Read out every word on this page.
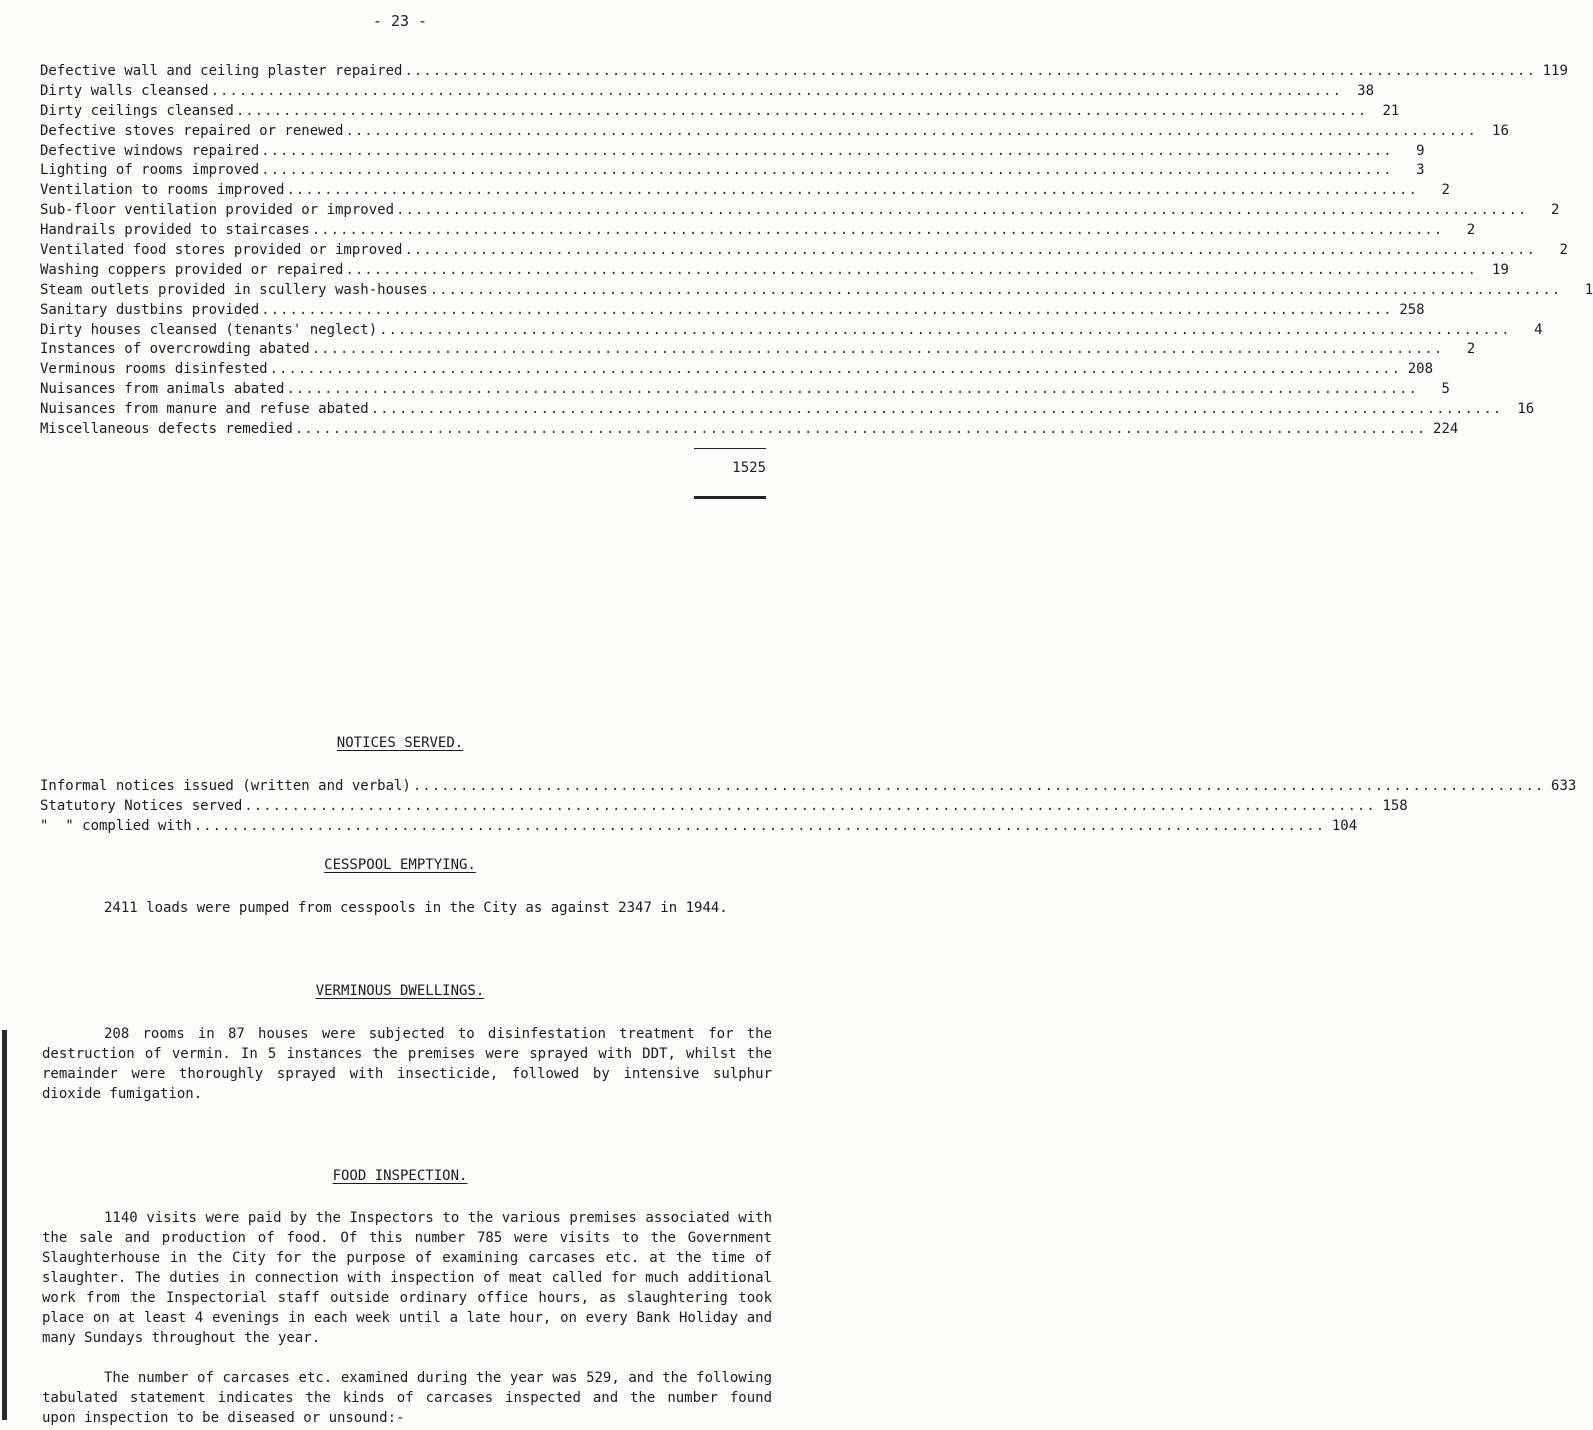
- 23 -
Defective wall and ceiling plaster repaired ........................................................................................................................ 119
Dirty walls cleansed ........................................................................................................................	38
Dirty ceilings cleansed ........................................................................................................................	21
Defective stoves repaired or renewed ........................................................................................................................	16
Defective windows repaired ........................................................................................................................	9
Lighting of rooms improved ........................................................................................................................	3
Ventilation to rooms improved ........................................................................................................................	2
Sub-floor ventilation provided or improved ........................................................................................................................	2
Handrails provided to staircases ........................................................................................................................	2
Ventilated food stores provided or improved ........................................................................................................................	2
Washing coppers provided or repaired ........................................................................................................................	19
Steam outlets provided in scullery wash-houses ........................................................................................................................	1
Sanitary dustbins provided ........................................................................................................................ 258
Dirty houses cleansed (tenants' neglect) ........................................................................................................................	4
Instances of overcrowding abated ........................................................................................................................	2
Verminous rooms disinfested ........................................................................................................................ 208
Nuisances from animals abated ........................................................................................................................	5
Nuisances from manure and refuse abated ........................................................................................................................	16
Miscellaneous defects remedied ........................................................................................................................ 224
1525
NOTICES SERVED.
Informal notices issued (written and verbal) ........................................................................................................................ 633
Statutory Notices served ........................................................................................................................ 158
"  " complied with ........................................................................................................................ 104
CESSPOOL EMPTYING.

2411 loads were pumped from cesspools in the City as against 2347 in 1944.

VERMINOUS DWELLINGS.

208 rooms in 87 houses were subjected to disinfestation treatment for the destruction of vermin. In 5 instances the premises were sprayed with DDT, whilst the remainder were thoroughly sprayed with insecticide, followed by intensive sulphur dioxide fumigation.

FOOD INSPECTION.

1140 visits were paid by the Inspectors to the various premises associated with the sale and production of food. Of this number 785 were visits to the Government Slaughterhouse in the City for the purpose of examining carcases etc. at the time of slaughter. The duties in connection with inspection of meat called for much additional work from the Inspectorial staff outside ordinary office hours, as slaughtering took place on at least 4 evenings in each week until a late hour, on every Bank Holiday and many Sundays throughout the year.

The number of carcases etc. examined during the year was 529, and the following tabulated statement indicates the kinds of carcases inspected and the number found upon inspection to be diseased or unsound:-
